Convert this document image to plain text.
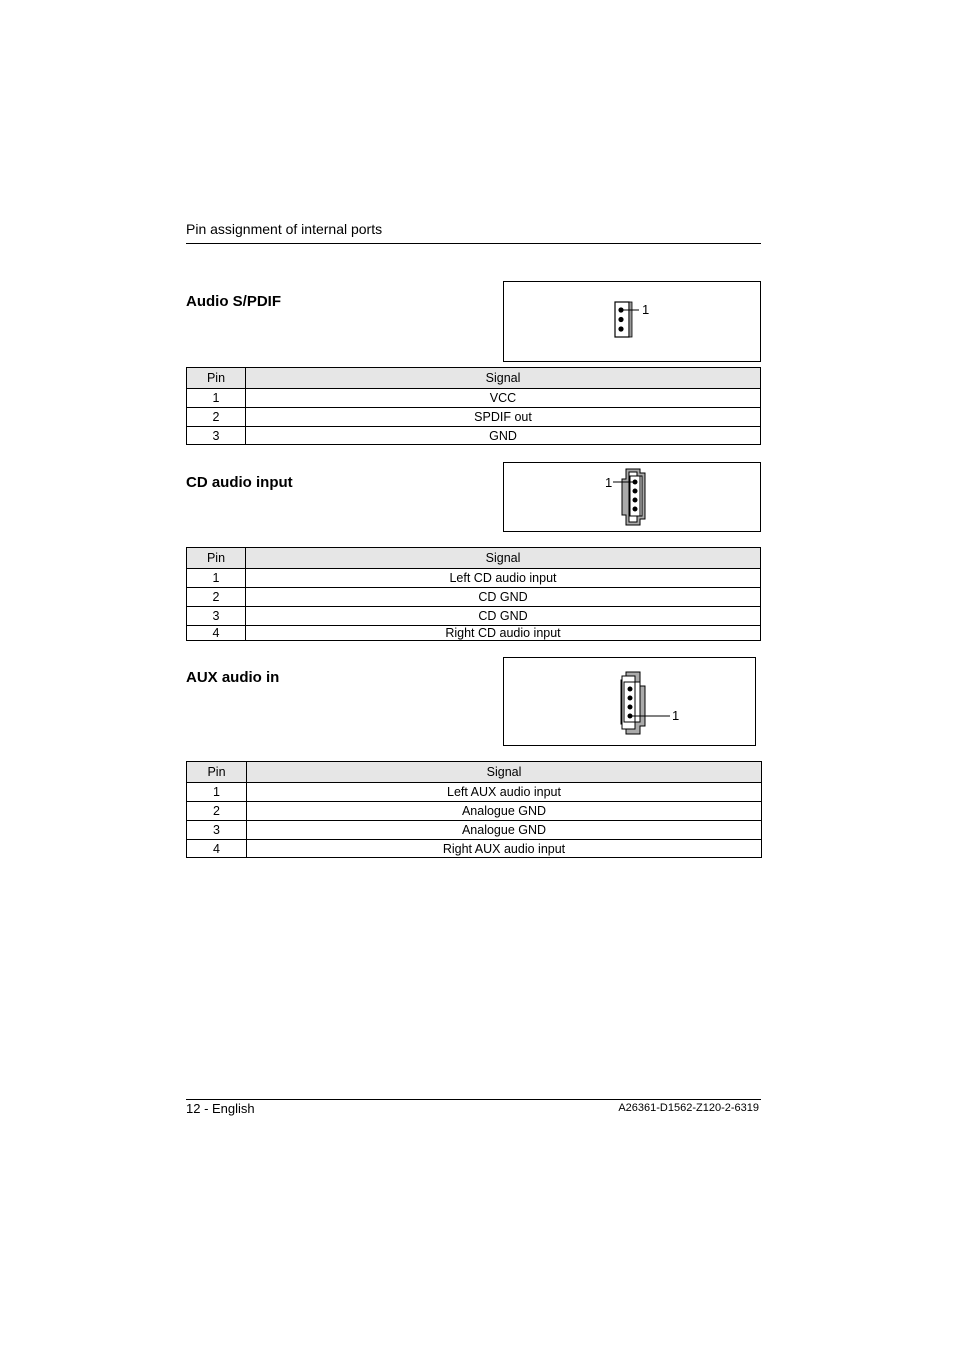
Pin assignment of internal ports
Audio S/PDIF	1
Pin	Signal
1	VCC
2	SPDIF out
3	GND
CD audio input	1
Pin	Signal
1	Left CD audio input
2	CD GND
3	CD GND
4	Right CD audio input
AUX audio in
1
Pin	Signal
1	Left AUX audio input
2	Analogue GND
3	Analogue GND
4	Right AUX audio input
12 - English	A26361-D1562-Z120-2-6319
